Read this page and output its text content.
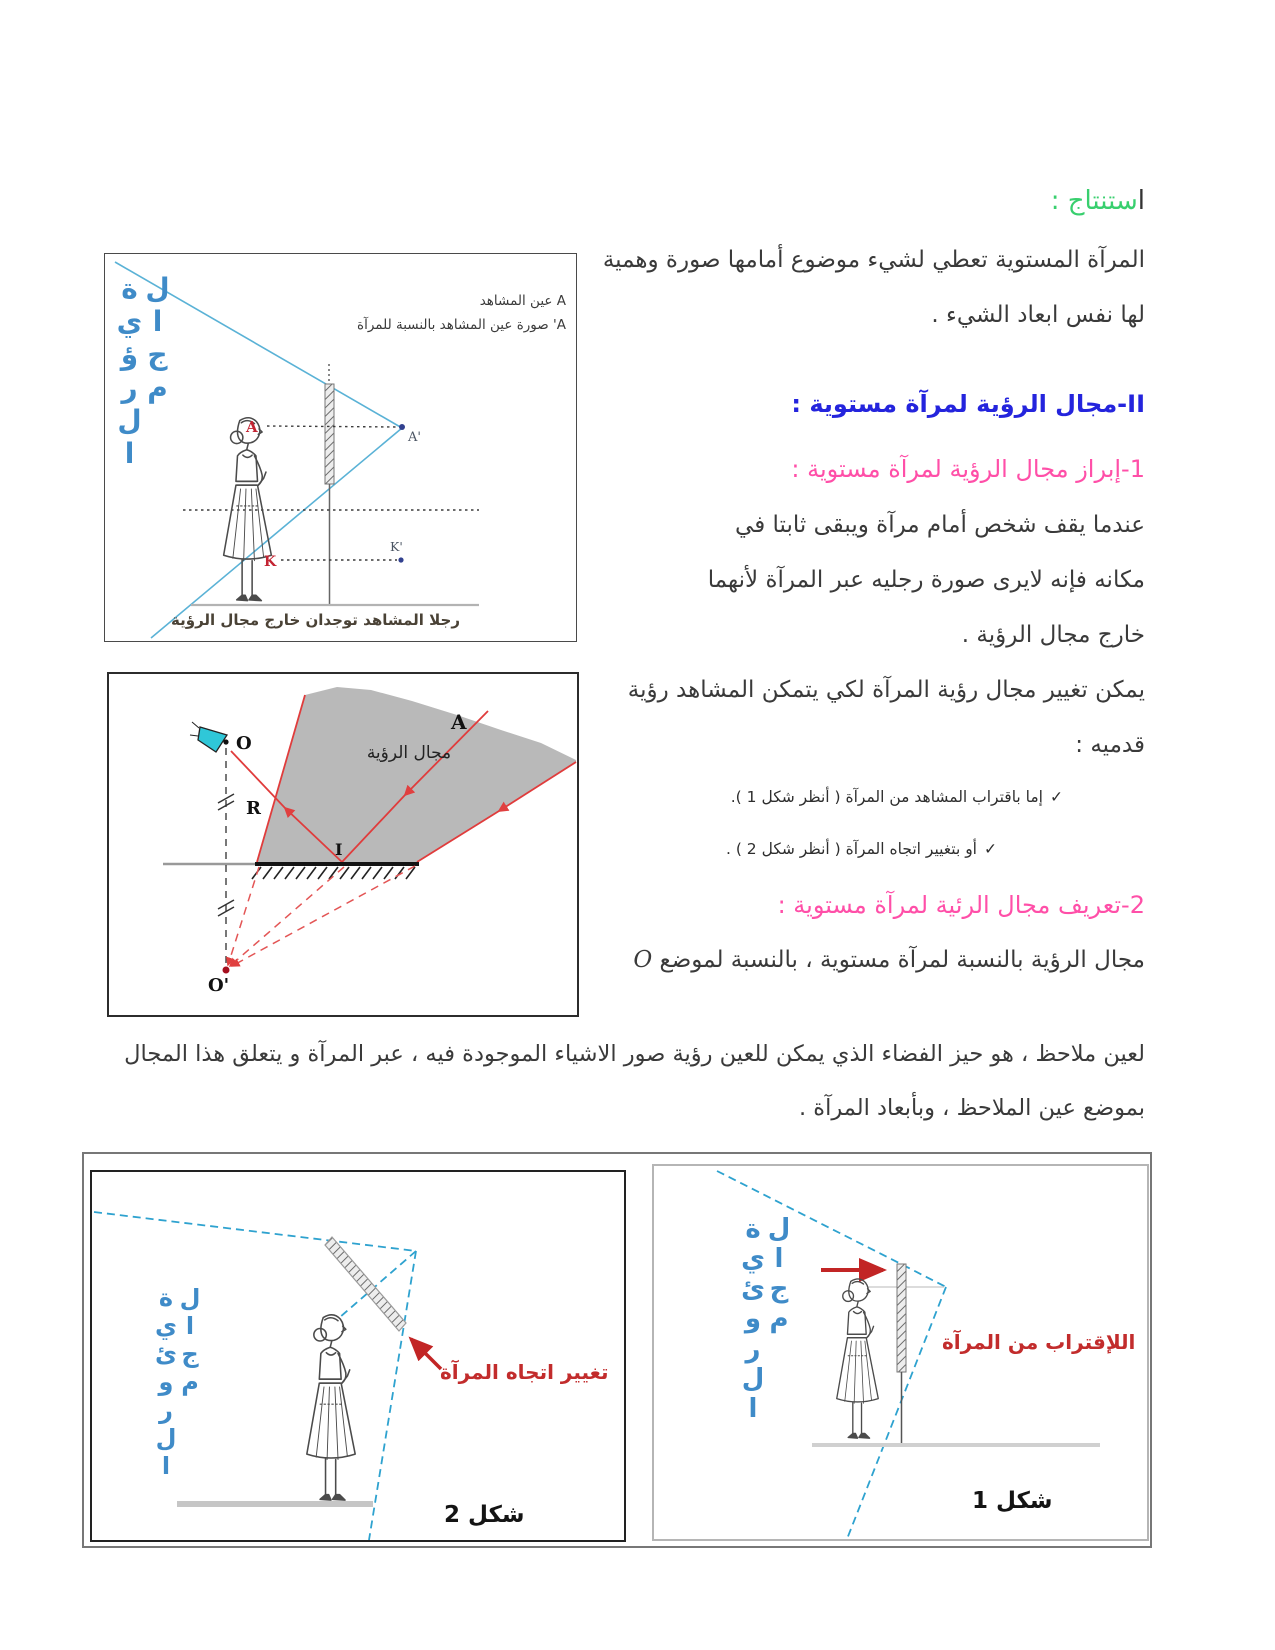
استنتاج :
المرآة المستوية تعطي لشيء موضوع أمامها صورة وهمية
لها نفس ابعاد الشيء .
II-مجال الرؤية لمرآة مستوية :
1-إبراز مجال الرؤية لمرآة مستوية :
عندما يقف شخص أمام مرآة ويبقى ثابتا في
مكانه فإنه لايرى صورة رجليه عبر المرآة لأنهما
خارج مجال الرؤية .
يمكن تغيير مجال رؤية المرآة لكي يتمكن المشاهد رؤية
قدميه :
✓إما باقتراب المشاهد من المرآة ( أنظر شكل 1 ).
✓أو بتغيير اتجاه المرآة ( أنظر شكل 2 ) .
2-تعريف مجال الرئية لمرآة مستوية :
مجال الرؤية بالنسبة لمرآة مستوية ، بالنسبة لموضع O
لعين ملاحظ ، هو حيز الفضاء الذي يمكن للعين رؤية صور الاشياء الموجودة فيه ، عبر المرآة و يتعلق هذا المجال
بموضع عين الملاحظ ، وبأبعاد المرآة .
A
A'
K
K'
مجال الرؤية	A عين المشاهد
A' صورة عين المشاهد بالنسبة للمرآة
رجلا المشاهد توجدان خارج مجال الرؤية
O
O'
R
I
A
مجال الرؤية
مجال الروئية	تغيير اتجاه المرآة
شكل 2
مجال الروئية	اللإقتراب من المرآة
شكل 1
